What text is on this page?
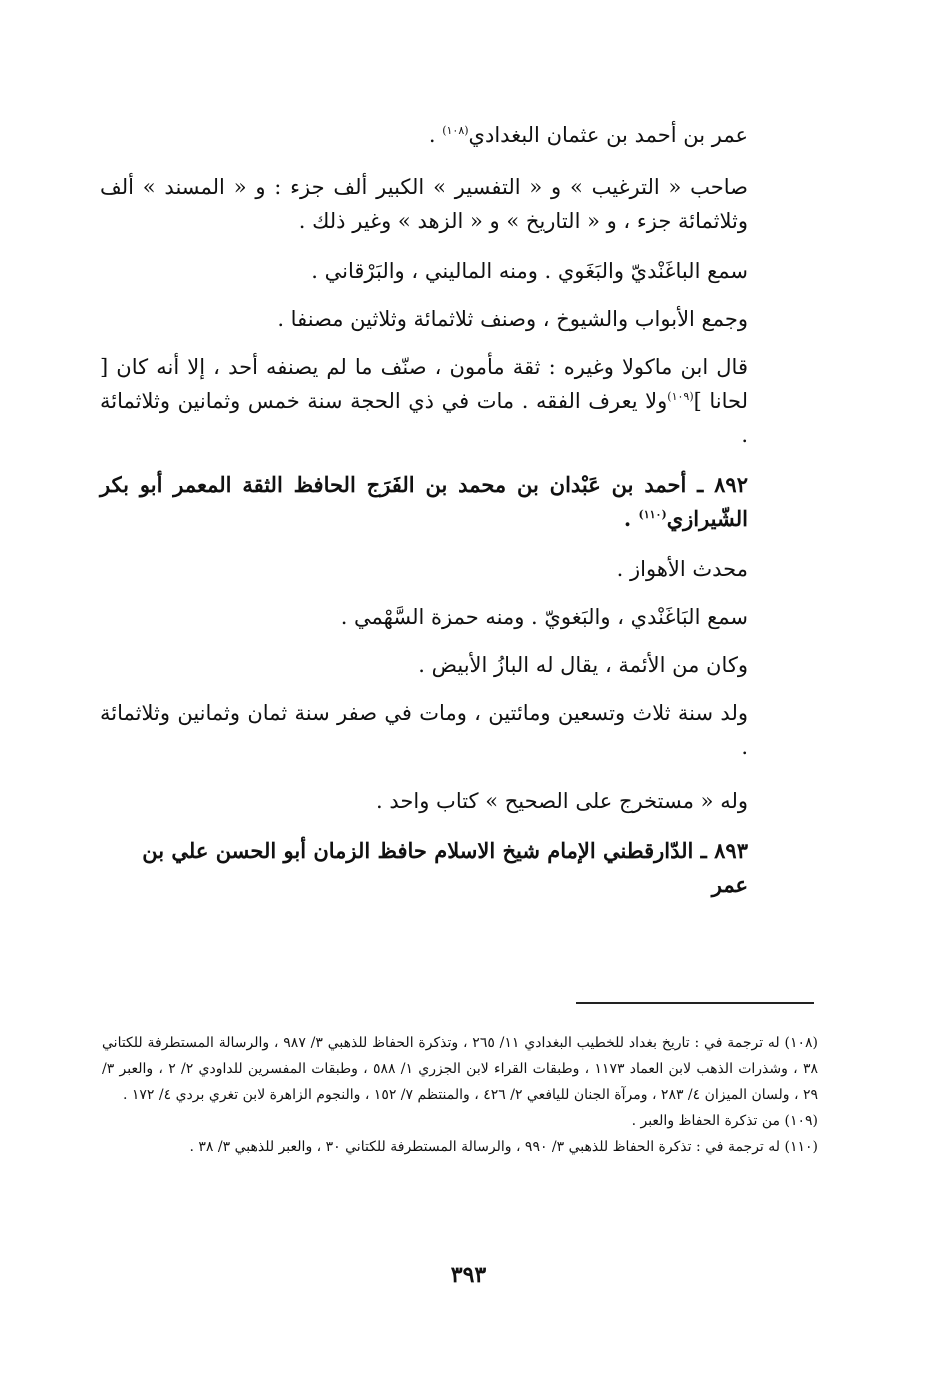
عمر بن أحمد بن عثمان البغدادي$^{(١٠٨)}$ .

صاحب « الترغيب » و « التفسير » الكبير ألف جزء : و « المسند » ألف وثلاثمائة جزء ، و « التاريخ » و « الزهد » وغير ذلك .

سمع الباغَنْديّ والبَغَوي . ومنه الماليني ، والبَرْقاني .

وجمع الأبواب والشيوخ ، وصنف ثلاثمائة وثلاثين مصنفا .

قال ابن ماكولا وغيره : ثقة مأمون ، صنّف ما لم يصنفه أحد ، إلا أنه كان [ لحانا ]$^{(١٠٩)}$ولا يعرف الفقه . مات في ذي الحجة سنة خمس وثمانين وثلاثمائة .

٨٩٢ ـ أحمد بن عَبْدان بن محمد بن الفَرَج الحافظ الثقة المعمر أبو بكر الشّيرازي$^{(١١٠)}$ .

محدث الأهواز .

سمع البَاغَنْدي ، والبَغويّ . ومنه حمزة السَّهْمي .

وكان من الأئمة ، يقال له البازُ الأبيض .

ولد سنة ثلاث وتسعين ومائتين ، ومات في صفر سنة ثمان وثمانين وثلاثمائة .

وله « مستخرج على الصحيح » كتاب واحد .

٨٩٣ ـ الدّارقطني الإمام شيخ الاسلام حافظ الزمان أبو الحسن علي بن عمر

(١٠٨) له ترجمة في : تاريخ بغداد للخطيب البغدادي ١١/ ٢٦٥ ، وتذكرة الحفاظ للذهبي ٣/ ٩٨٧ ، والرسالة المستطرفة للكتاني ٣٨ ، وشذرات الذهب لابن العماد ١١٧٣ ، وطبقات القراء لابن الجزري ١/ ٥٨٨ ، وطبقات المفسرين للداودي ٢/ ٢ ، والعبر ٣/ ٢٩ ، ولسان الميزان ٤/ ٢٨٣ ، ومرآة الجنان لليافعي ٢/ ٤٢٦ ، والمنتظم ٧/ ١٥٢ ، والنجوم الزاهرة لابن تغري بردي ٤/ ١٧٢ .

(١٠٩) من تذكرة الحفاظ والعبر .

(١١٠) له ترجمة في : تذكرة الحفاظ للذهبي ٣/ ٩٩٠ ، والرسالة المستطرفة للكتاني ٣٠ ، والعبر للذهبي ٣/ ٣٨ .

٣٩٣
